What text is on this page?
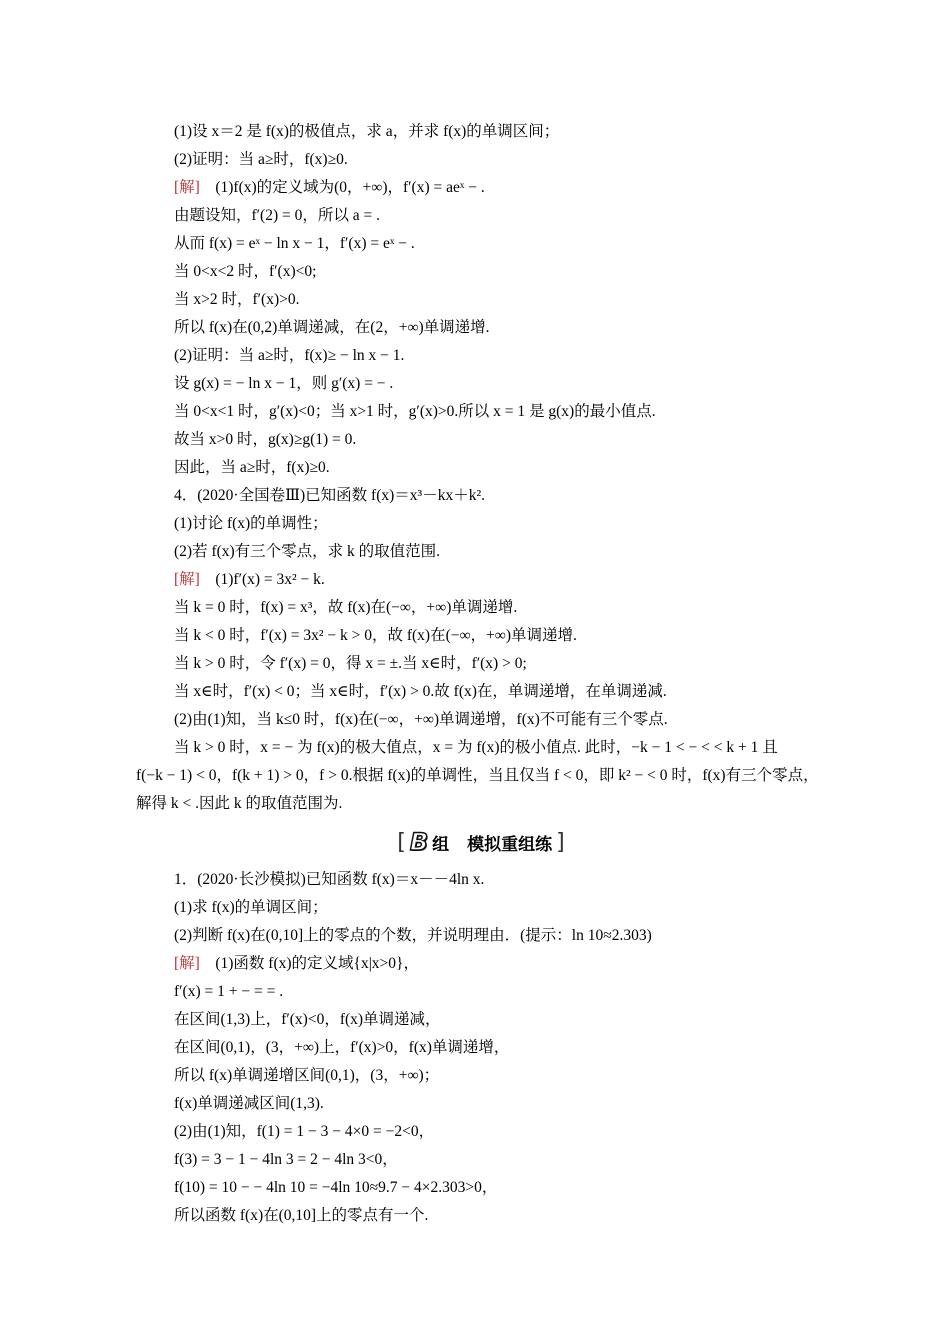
(1)设 x＝2 是 f(x)的极值点，求 a，并求 f(x)的单调区间；
(2)证明：当 a≥时，f(x)≥0.
[解]　(1)f(x)的定义域为(0，+∞)，f′(x) = aeˣ − .
由题设知，f′(2) = 0，所以 a = .
从而 f(x) = eˣ − ln x − 1，f′(x) = eˣ − .
当 0<x<2 时，f′(x)<0;
当 x>2 时，f′(x)>0.
所以 f(x)在(0,2)单调递减，在(2，+∞)单调递增.
(2)证明：当 a≥时，f(x)≥ − ln x − 1.
设 g(x) = − ln x − 1，则 g′(x) = − .
当 0<x<1 时，g′(x)<0；当 x>1 时，g′(x)>0.所以 x = 1 是 g(x)的最小值点.
故当 x>0 时，g(x)≥g(1) = 0.
因此，当 a≥时，f(x)≥0.
4．(2020·全国卷Ⅲ)已知函数 f(x)＝x³－kx＋k².
(1)讨论 f(x)的单调性；
(2)若 f(x)有三个零点，求 k 的取值范围.
[解]　(1)f′(x) = 3x² − k.
当 k = 0 时，f(x) = x³，故 f(x)在(−∞，+∞)单调递增.
当 k < 0 时，f′(x) = 3x² − k > 0，故 f(x)在(−∞，+∞)单调递增.
当 k > 0 时，令 f′(x) = 0，得 x = ±.当 x∈时，f′(x) > 0;
当 x∈时，f′(x) < 0；当 x∈时，f′(x) > 0.故 f(x)在，单调递增，在单调递减.
(2)由(1)知，当 k≤0 时，f(x)在(−∞，+∞)单调递增，f(x)不可能有三个零点.
当 k > 0 时，x = − 为 f(x)的极大值点，x = 为 f(x)的极小值点. 此时，−k − 1 < − < < k + 1 且
f(−k − 1) < 0，f(k + 1) > 0，f > 0.根据 f(x)的单调性，当且仅当 f < 0，即 k² − < 0 时，f(x)有三个零点，
解得 k < .因此 k 的取值范围为.
[ B 组 模拟重组练 ]
1．(2020·长沙模拟)已知函数 f(x)＝x－－4ln x.
(1)求 f(x)的单调区间；
(2)判断 f(x)在(0,10]上的零点的个数，并说明理由．(提示：ln 10≈2.303)
[解]　(1)函数 f(x)的定义域{x|x>0}，
f′(x) = 1 + − = = .
在区间(1,3)上，f′(x)<0，f(x)单调递减，
在区间(0,1)，(3，+∞)上，f′(x)>0，f(x)单调递增，
所以 f(x)单调递增区间(0,1)，(3，+∞)；
f(x)单调递减区间(1,3).
(2)由(1)知，f(1) = 1 − 3 − 4×0 = −2<0，
f(3) = 3 − 1 − 4ln 3 = 2 − 4ln 3<0，
f(10) = 10 − − 4ln 10 = −4ln 10≈9.7 − 4×2.303>0，
所以函数 f(x)在(0,10]上的零点有一个.
